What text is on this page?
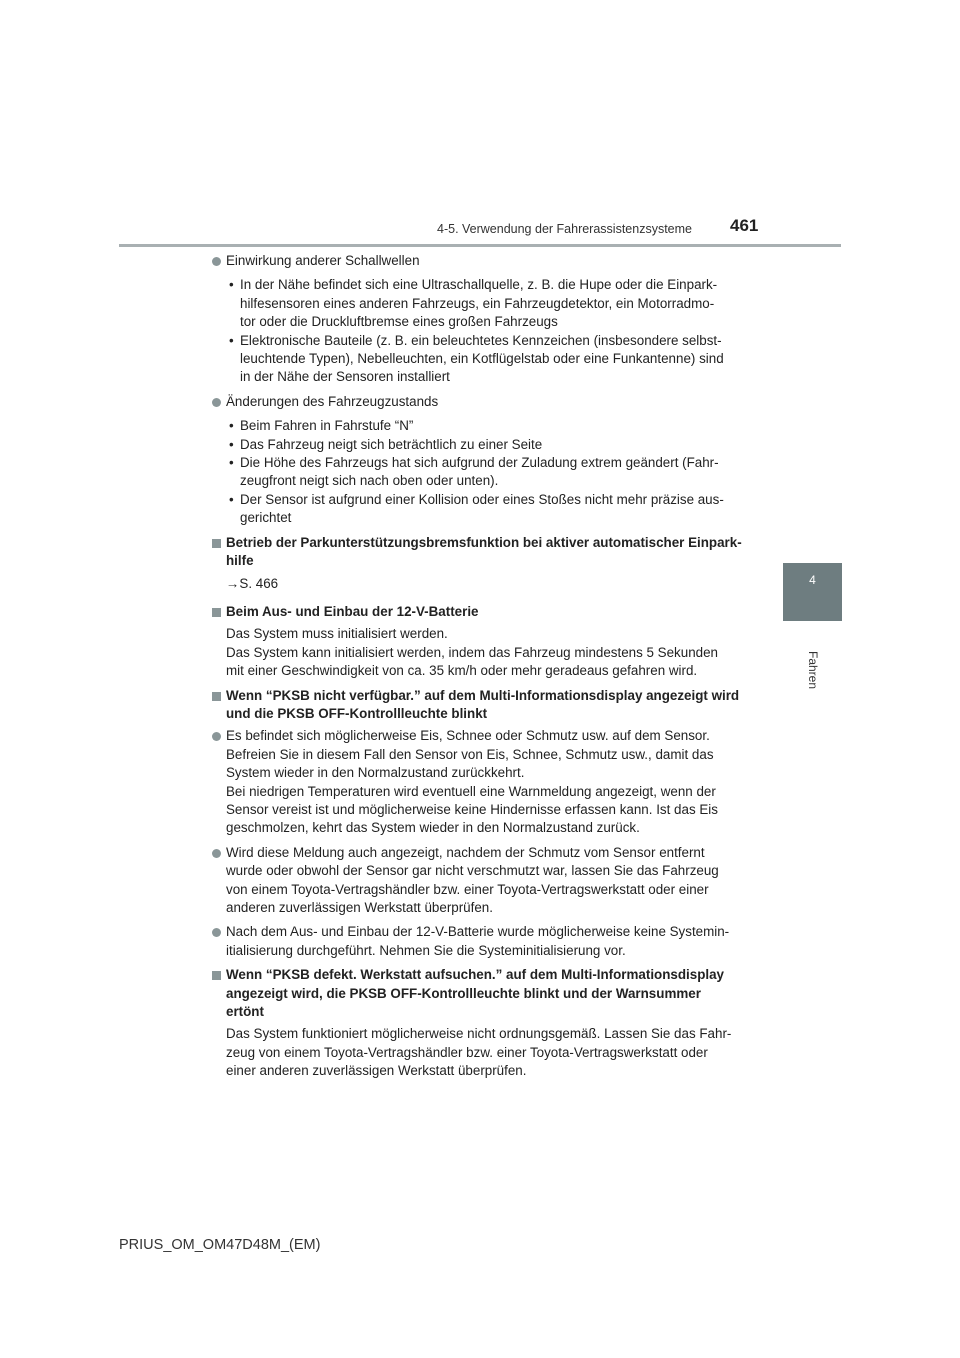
4-5. Verwendung der Fahrerassistenzsysteme 461
4
Fahren
Einwirkung anderer Schallwellen
• In der Nähe befindet sich eine Ultraschallquelle, z. B. die Hupe oder die Einpark-
hilfesensoren eines anderen Fahrzeugs, ein Fahrzeugdetektor, ein Motorradmo-
tor oder die Druckluftbremse eines großen Fahrzeugs
• Elektronische Bauteile (z. B. ein beleuchtetes Kennzeichen (insbesondere selbst-
leuchtende Typen), Nebelleuchten, ein Kotflügelstab oder eine Funkantenne) sind
in der Nähe der Sensoren installiert
Änderungen des Fahrzeugzustands
• Beim Fahren in Fahrstufe “N”
• Das Fahrzeug neigt sich beträchtlich zu einer Seite
• Die Höhe des Fahrzeugs hat sich aufgrund der Zuladung extrem geändert (Fahr-
zeugfront neigt sich nach oben oder unten).
• Der Sensor ist aufgrund einer Kollision oder eines Stoßes nicht mehr präzise aus-
gerichtet
Betrieb der Parkunterstützungsbremsfunktion bei aktiver automatischer Einpark-
hilfe
→S. 466
Beim Aus- und Einbau der 12-V-Batterie
Das System muss initialisiert werden.
Das System kann initialisiert werden, indem das Fahrzeug mindestens 5 Sekunden
mit einer Geschwindigkeit von ca. 35 km/h oder mehr geradeaus gefahren wird.
Wenn “PKSB nicht verfügbar.” auf dem Multi-Informationsdisplay angezeigt wird
und die PKSB OFF-Kontrollleuchte blinkt
Es befindet sich möglicherweise Eis, Schnee oder Schmutz usw. auf dem Sensor.
Befreien Sie in diesem Fall den Sensor von Eis, Schnee, Schmutz usw., damit das
System wieder in den Normalzustand zurückkehrt.
Bei niedrigen Temperaturen wird eventuell eine Warnmeldung angezeigt, wenn der
Sensor vereist ist und möglicherweise keine Hindernisse erfassen kann. Ist das Eis
geschmolzen, kehrt das System wieder in den Normalzustand zurück.
Wird diese Meldung auch angezeigt, nachdem der Schmutz vom Sensor entfernt
wurde oder obwohl der Sensor gar nicht verschmutzt war, lassen Sie das Fahrzeug
von einem Toyota-Vertragshändler bzw. einer Toyota-Vertragswerkstatt oder einer
anderen zuverlässigen Werkstatt überprüfen.
Nach dem Aus- und Einbau der 12-V-Batterie wurde möglicherweise keine Systemin-
itialisierung durchgeführt. Nehmen Sie die Systeminitialisierung vor.
Wenn “PKSB defekt. Werkstatt aufsuchen.” auf dem Multi-Informationsdisplay
angezeigt wird, die PKSB OFF-Kontrollleuchte blinkt und der Warnsummer
ertönt
Das System funktioniert möglicherweise nicht ordnungsgemäß. Lassen Sie das Fahr-
zeug von einem Toyota-Vertragshändler bzw. einer Toyota-Vertragswerkstatt oder
einer anderen zuverlässigen Werkstatt überprüfen.
PRIUS_OM_OM47D48M_(EM)
